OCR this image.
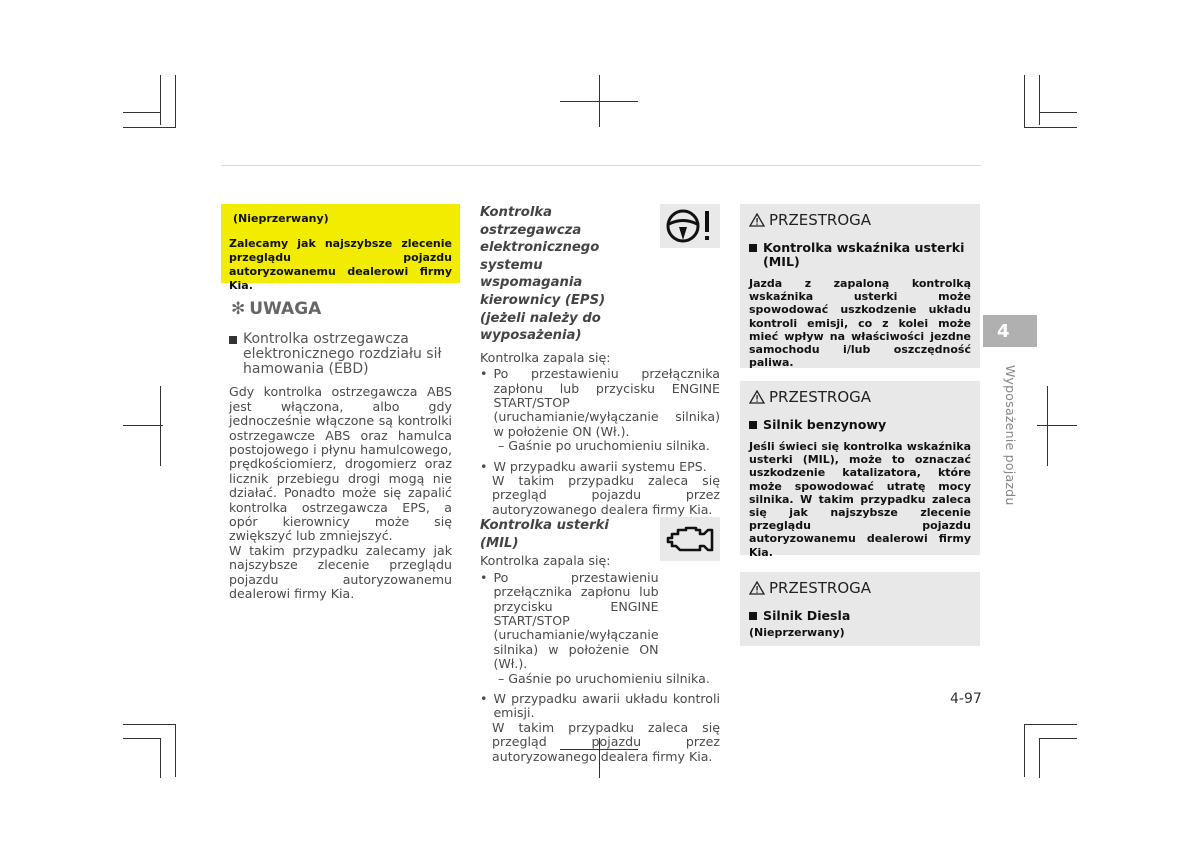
(Nieprzerwany)
Zalecamy jak najszybsze zlecenie przeglądu pojazdu autoryzowanemu dealerowi firmy Kia.
✻ UWAGA
Kontrolka ostrzegawcza elektronicznego rozdziału sił hamowania (EBD)

Gdy kontrolka ostrzegawcza ABS jest włączona, albo gdy jednocześnie włączone są kontrolki ostrzegawcze ABS oraz hamulca postojowego i płynu hamulcowego, prędkościomierz, drogomierz oraz licznik przebiegu drogi mogą nie działać. Ponadto może się zapalić kontrolka ostrzegawcza EPS, a opór kierownicy może się zwiększyć lub zmniejszyć.

W takim przypadku zalecamy jak najszybsze zlecenie przeglądu pojazdu autoryzowanemu dealerowi firmy Kia.

Kontrolka ostrzegawcza elektronicznego systemu wspomagania kierownicy (EPS) (jeżeli należy do wyposażenia)

Kontrolka zapala się:

• Po przestawieniu przełącznika zapłonu lub przycisku ENGINE START/STOP (uruchamianie/wyłączanie silnika) w położenie ON (Wł.).
– Gaśnie po uruchomieniu silnika.
• W przypadku awarii systemu EPS.
W takim przypadku zaleca się przegląd pojazdu przez autoryzowanego dealera firmy Kia.
Kontrolka usterki (MIL)

Kontrolka zapala się:

• Po przestawieniu przełącznika zapłonu lub przycisku ENGINE START/STOP (uruchamianie/wyłączanie silnika) w położenie ON (Wł.).
– Gaśnie po uruchomieniu silnika.
• W przypadku awarii układu kontroli emisji.
W takim przypadku zaleca się przegląd pojazdu przez autoryzowanego dealera firmy Kia.
PRZESTROGA
Kontrolka wskaźnika usterki (MIL)
Jazda z zapaloną kontrolką wskaźnika usterki może spowodować uszkodzenie układu kontroli emisji, co z kolei może mieć wpływ na właściwości jezdne samochodu i/lub oszczędność paliwa.
PRZESTROGA
Silnik benzynowy
Jeśli świeci się kontrolka wskaźnika usterki (MIL), może to oznaczać uszkodzenie katalizatora, które może spowodować utratę mocy silnika. W takim przypadku zaleca się jak najszybsze zlecenie przeglądu pojazdu autoryzowanemu dealerowi firmy Kia.
PRZESTROGA
Silnik Diesla
(Nieprzerwany)
4
Wyposażenie pojazdu
4-97
